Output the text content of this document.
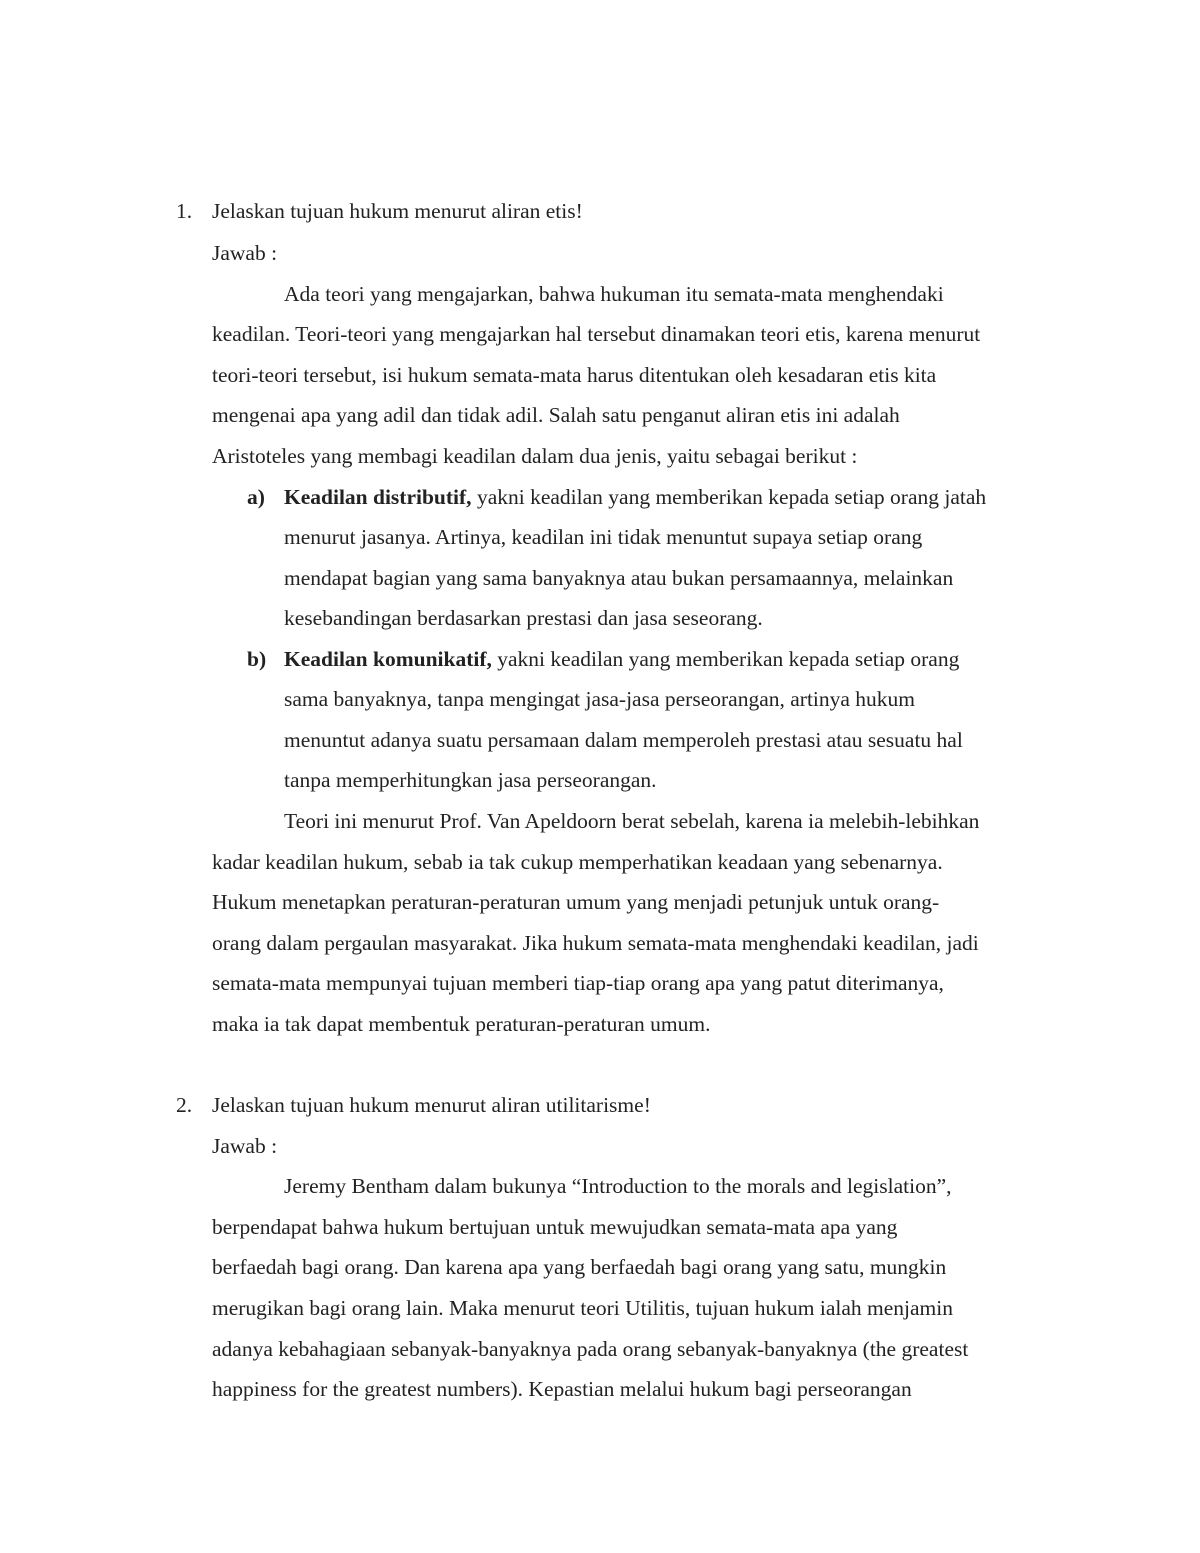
1. Jelaskan tujuan hukum menurut aliran etis!
Jawab :
Ada teori yang mengajarkan, bahwa hukuman itu semata-mata menghendaki
keadilan. Teori-teori yang mengajarkan hal tersebut dinamakan teori etis, karena menurut
teori-teori tersebut, isi hukum semata-mata harus ditentukan oleh kesadaran etis kita
mengenai apa yang adil dan tidak adil. Salah satu penganut aliran etis ini adalah
Aristoteles yang membagi keadilan dalam dua jenis, yaitu sebagai berikut :
a) Keadilan distributif, yakni keadilan yang memberikan kepada setiap orang jatah
menurut jasanya. Artinya, keadilan ini tidak menuntut supaya setiap orang
mendapat bagian yang sama banyaknya atau bukan persamaannya, melainkan
kesebandingan berdasarkan prestasi dan jasa seseorang.
b) Keadilan komunikatif, yakni keadilan yang memberikan kepada setiap orang
sama banyaknya, tanpa mengingat jasa-jasa perseorangan, artinya hukum
menuntut adanya suatu persamaan dalam memperoleh prestasi atau sesuatu hal
tanpa memperhitungkan jasa perseorangan.
Teori ini menurut Prof. Van Apeldoorn berat sebelah, karena ia melebih-lebihkan
kadar keadilan hukum, sebab ia tak cukup memperhatikan keadaan yang sebenarnya.
Hukum menetapkan peraturan-peraturan umum yang menjadi petunjuk untuk orang-
orang dalam pergaulan masyarakat. Jika hukum semata-mata menghendaki keadilan, jadi
semata-mata mempunyai tujuan memberi tiap-tiap orang apa yang patut diterimanya,
maka ia tak dapat membentuk peraturan-peraturan umum.
2. Jelaskan tujuan hukum menurut aliran utilitarisme!
Jawab :
Jeremy Bentham dalam bukunya “Introduction to the morals and legislation”,
berpendapat bahwa hukum bertujuan untuk mewujudkan semata-mata apa yang
berfaedah bagi orang. Dan karena apa yang berfaedah bagi orang yang satu, mungkin
merugikan bagi orang lain. Maka menurut teori Utilitis, tujuan hukum ialah menjamin
adanya kebahagiaan sebanyak-banyaknya pada orang sebanyak-banyaknya (the greatest
happiness for the greatest numbers). Kepastian melalui hukum bagi perseorangan
